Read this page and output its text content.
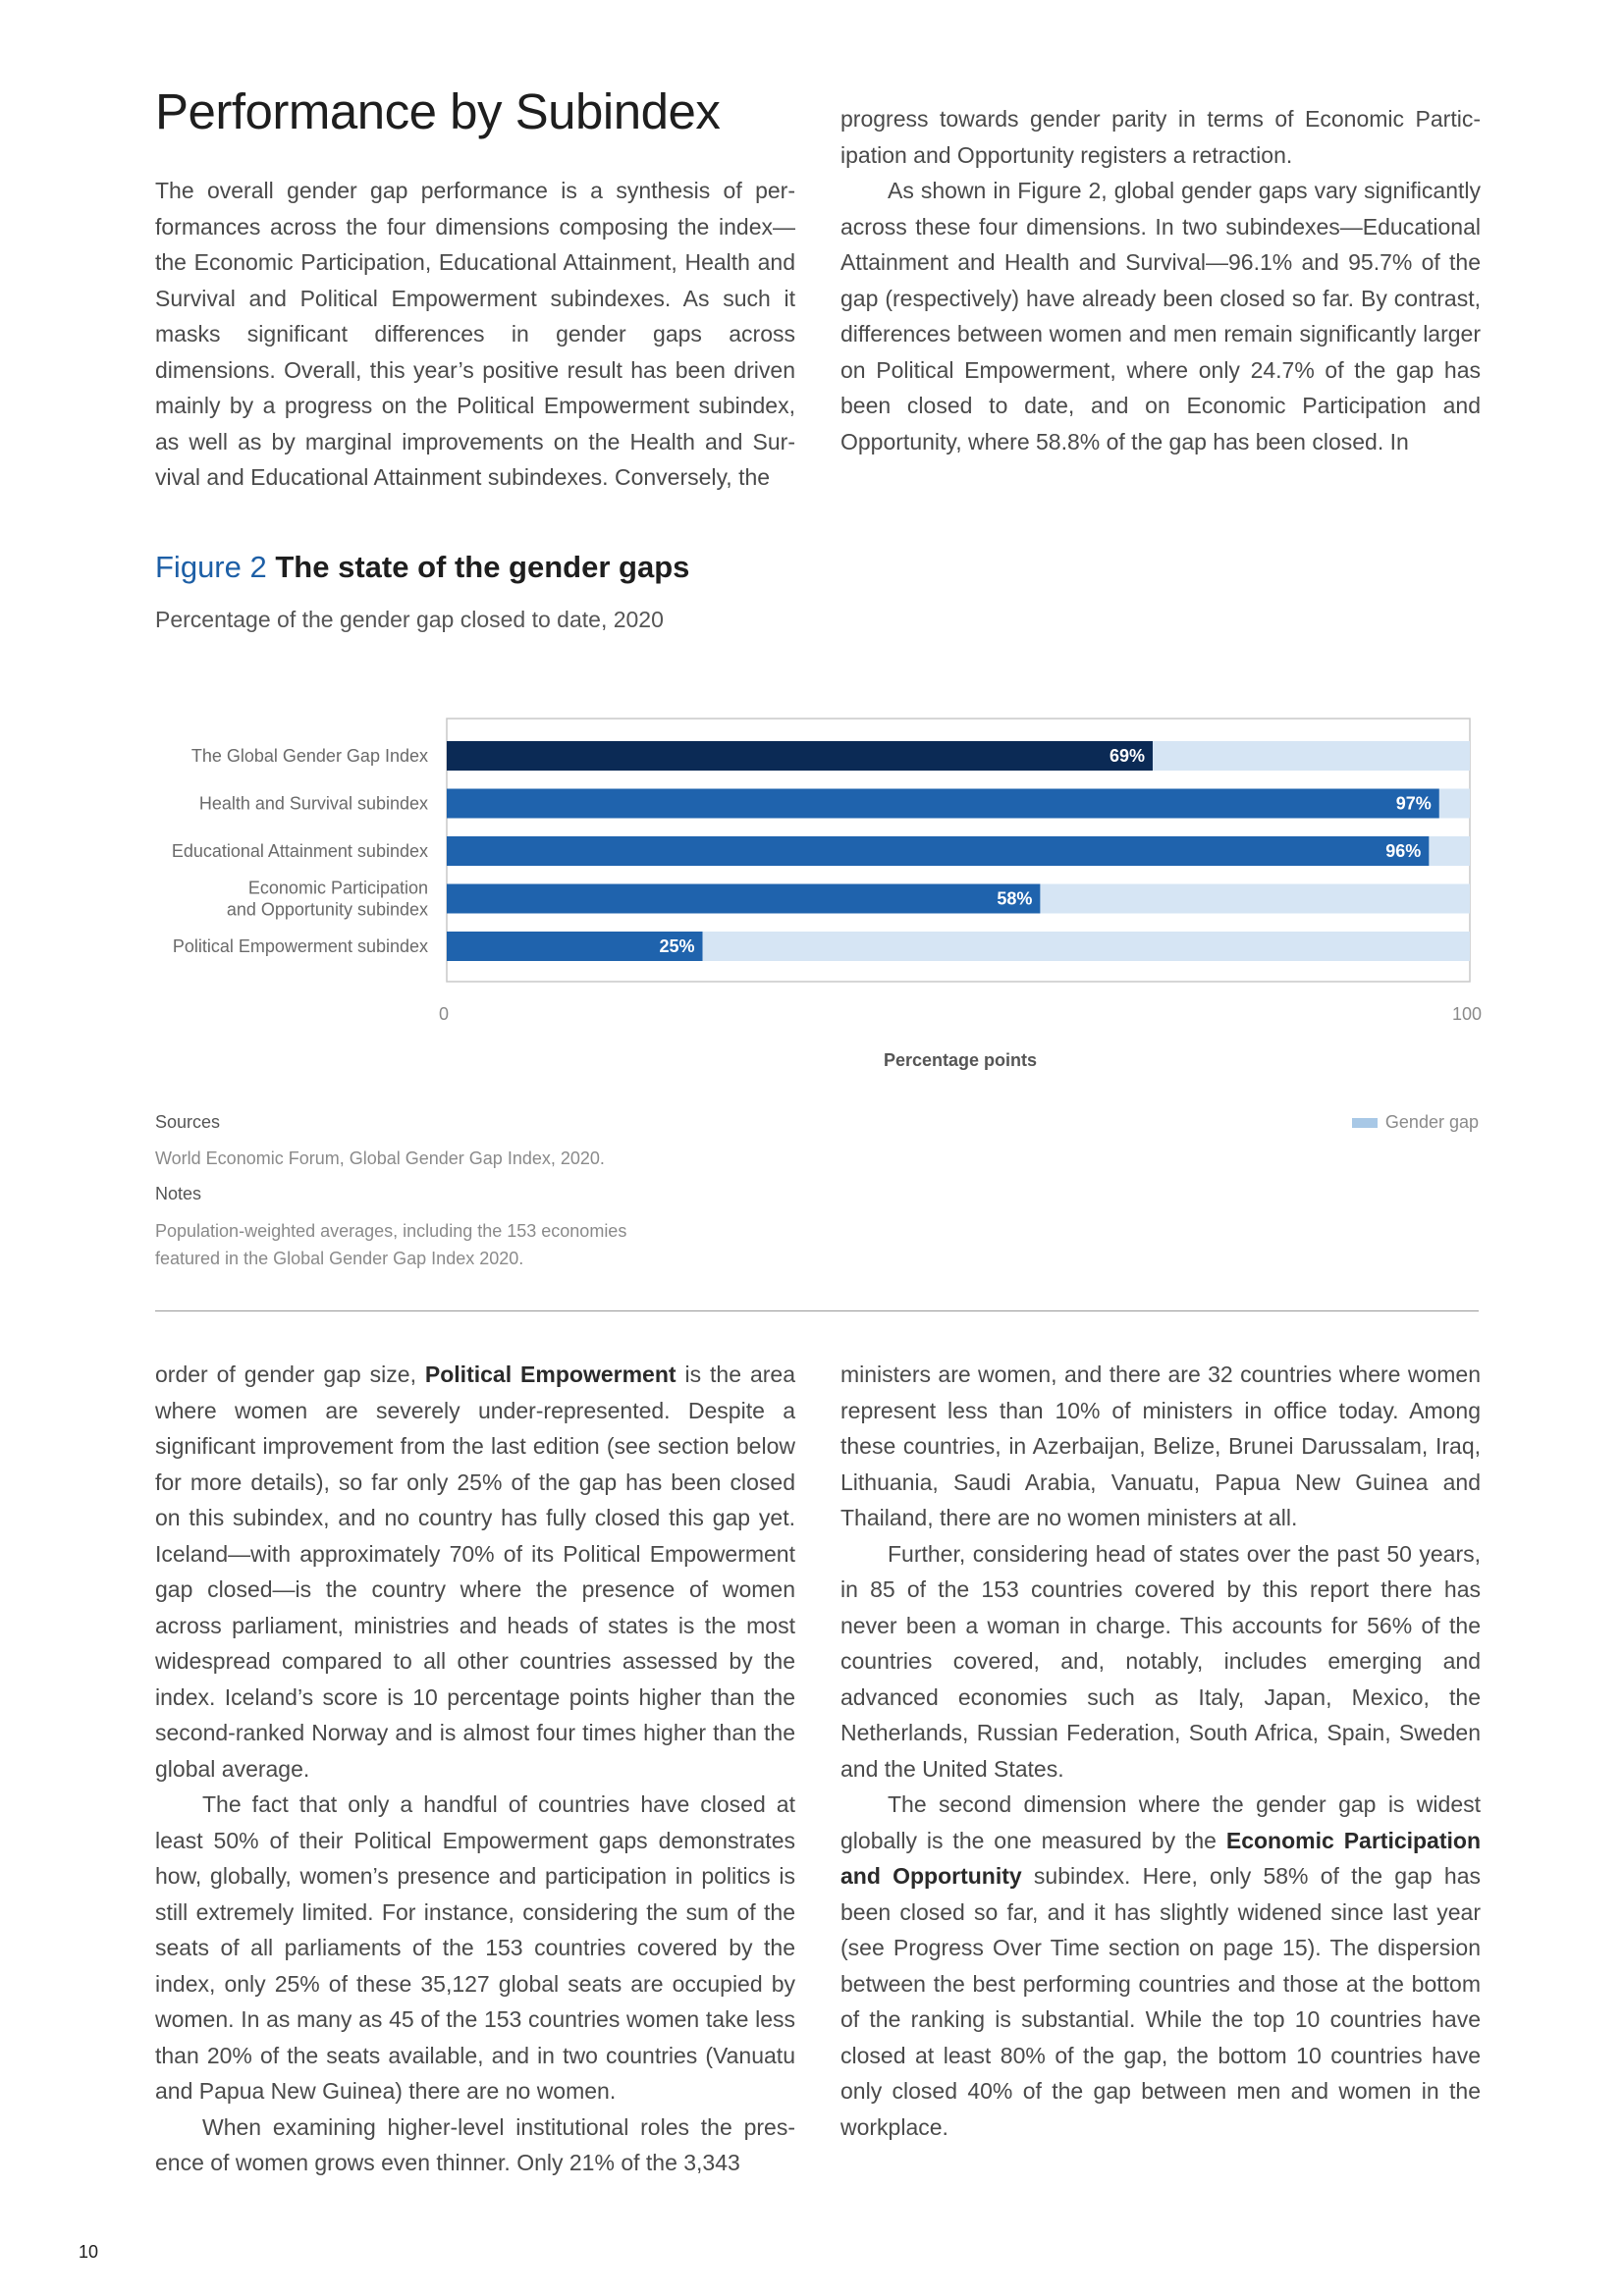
Performance by Subindex

The overall gender gap performance is a synthesis of performances across the four dimensions composing the index—the Economic Participation, Educational Attainment, Health and Survival and Political Empowerment subindexes. As such it masks significant differences in gender gaps across dimensions. Overall, this year’s positive result has been driven mainly by a progress on the Political Empowerment subindex, as well as by marginal improvements on the Health and Survival and Educational Attainment subindexes. Conversely, the

progress towards gender parity in terms of Economic Participation and Opportunity registers a retraction.

As shown in Figure 2, global gender gaps vary significantly across these four dimensions. In two subindexes—Educational Attainment and Health and Survival—96.1% and 95.7% of the gap (respectively) have already been closed so far. By contrast, differences between women and men remain significantly larger on Political Empowerment, where only 24.7% of the gap has been closed to date, and on Economic Participation and Opportunity, where 58.8% of the gap has been closed. In

Figure 2 The state of the gender gaps

Percentage of the gender gap closed to date, 2020

69%
The Global Gender Gap Index
97%
Health and Survival subindex
96%
Educational Attainment subindex
58%
Economic Participation
and Opportunity subindex
25%
Political Empowerment subindex
0	100
Percentage points
Gender gap

Sources

World Economic Forum, Global Gender Gap Index, 2020.

Notes

Population-weighted averages, including the 153 economies
featured in the Global Gender Gap Index 2020.

order of gender gap size, Political Empowerment is the area where women are severely under-represented. Despite a significant improvement from the last edition (see section below for more details), so far only 25% of the gap has been closed on this subindex, and no country has fully closed this gap yet. Iceland—with approximately 70% of its Political Empowerment gap closed—is the country where the presence of women across parliament, ministries and heads of states is the most widespread compared to all other countries assessed by the index. Iceland’s score is 10 percentage points higher than the second-ranked Norway and is almost four times higher than the global average.

The fact that only a handful of countries have closed at least 50% of their Political Empowerment gaps demonstrates how, globally, women’s presence and participation in politics is still extremely limited. For instance, considering the sum of the seats of all parliaments of the 153 countries covered by the index, only 25% of these 35,127 global seats are occupied by women. In as many as 45 of the 153 countries women take less than 20% of the seats available, and in two countries (Vanuatu and Papua New Guinea) there are no women.

When examining higher-level institutional roles the presence of women grows even thinner. Only 21% of the 3,343

ministers are women, and there are 32 countries where women represent less than 10% of ministers in office today. Among these countries, in Azerbaijan, Belize, Brunei Darussalam, Iraq, Lithuania, Saudi Arabia, Vanuatu, Papua New Guinea and Thailand, there are no women ministers at all.

Further, considering head of states over the past 50 years, in 85 of the 153 countries covered by this report there has never been a woman in charge. This accounts for 56% of the countries covered, and, notably, includes emerging and advanced economies such as Italy, Japan, Mexico, the Netherlands, Russian Federation, South Africa, Spain, Sweden and the United States.

The second dimension where the gender gap is widest globally is the one measured by the Economic Participation and Opportunity subindex. Here, only 58% of the gap has been closed so far, and it has slightly widened since last year (see Progress Over Time section on page 15). The dispersion between the best performing countries and those at the bottom of the ranking is substantial. While the top 10 countries have closed at least 80% of the gap, the bottom 10 countries have only closed 40% of the gap between men and women in the workplace.

10
